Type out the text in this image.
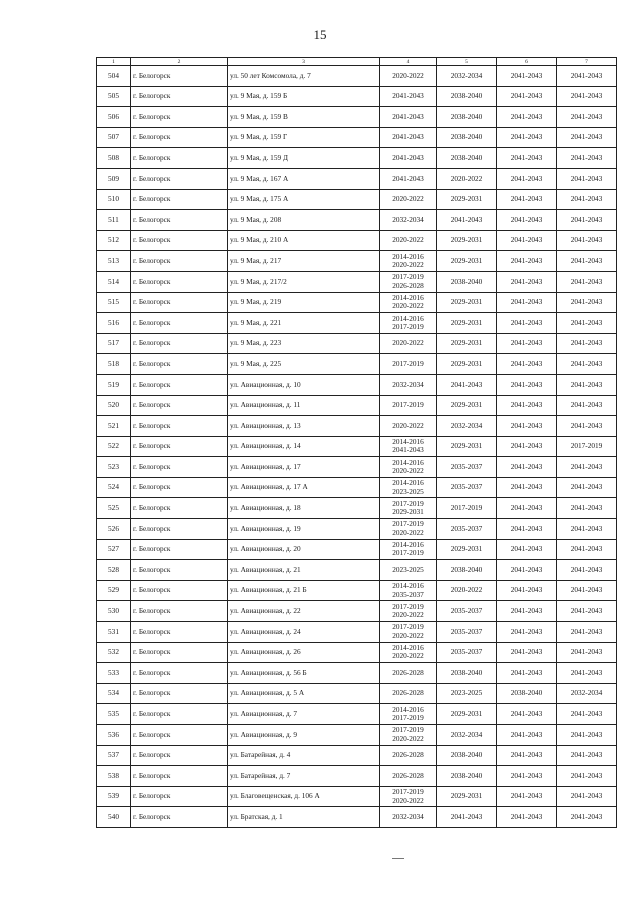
15
1	2	3	4	5	6	7
504	г. Белогорск	ул. 50 лет Комсомола, д. 7	2020-2022	2032-2034	2041-2043	2041-2043
505	г. Белогорск	ул. 9 Мая, д. 159 Б	2041-2043	2038-2040	2041-2043	2041-2043
506	г. Белогорск	ул. 9 Мая, д. 159 В	2041-2043	2038-2040	2041-2043	2041-2043
507	г. Белогорск	ул. 9 Мая, д. 159 Г	2041-2043	2038-2040	2041-2043	2041-2043
508	г. Белогорск	ул. 9 Мая, д. 159 Д	2041-2043	2038-2040	2041-2043	2041-2043
509	г. Белогорск	ул. 9 Мая, д. 167 А	2041-2043	2020-2022	2041-2043	2041-2043
510	г. Белогорск	ул. 9 Мая, д. 175 А	2020-2022	2029-2031	2041-2043	2041-2043
511	г. Белогорск	ул. 9 Мая, д. 208	2032-2034	2041-2043	2041-2043	2041-2043
512	г. Белогорск	ул. 9 Мая, д. 210 А	2020-2022	2029-2031	2041-2043	2041-2043
513	г. Белогорск	ул. 9 Мая, д. 217	2014-2016
2020-2022	2029-2031	2041-2043	2041-2043
514	г. Белогорск	ул. 9 Мая, д. 217/2	2017-2019
2026-2028	2038-2040	2041-2043	2041-2043
515	г. Белогорск	ул. 9 Мая, д. 219	2014-2016
2020-2022	2029-2031	2041-2043	2041-2043
516	г. Белогорск	ул. 9 Мая, д. 221	2014-2016
2017-2019	2029-2031	2041-2043	2041-2043
517	г. Белогорск	ул. 9 Мая, д. 223	2020-2022	2029-2031	2041-2043	2041-2043
518	г. Белогорск	ул. 9 Мая, д. 225	2017-2019	2029-2031	2041-2043	2041-2043
519	г. Белогорск	ул. Авиационная, д. 10	2032-2034	2041-2043	2041-2043	2041-2043
520	г. Белогорск	ул. Авиационная, д. 11	2017-2019	2029-2031	2041-2043	2041-2043
521	г. Белогорск	ул. Авиационная, д. 13	2020-2022	2032-2034	2041-2043	2041-2043
522	г. Белогорск	ул. Авиационная, д. 14	2014-2016
2041-2043	2029-2031	2041-2043	2017-2019
523	г. Белогорск	ул. Авиационная, д. 17	2014-2016
2020-2022	2035-2037	2041-2043	2041-2043
524	г. Белогорск	ул. Авиационная, д. 17 А	2014-2016
2023-2025	2035-2037	2041-2043	2041-2043
525	г. Белогорск	ул. Авиационная, д. 18	2017-2019
2029-2031	2017-2019	2041-2043	2041-2043
526	г. Белогорск	ул. Авиационная, д. 19	2017-2019
2020-2022	2035-2037	2041-2043	2041-2043
527	г. Белогорск	ул. Авиационная, д. 20	2014-2016
2017-2019	2029-2031	2041-2043	2041-2043
528	г. Белогорск	ул. Авиационная, д. 21	2023-2025	2038-2040	2041-2043	2041-2043
529	г. Белогорск	ул. Авиационная, д. 21 Б	2014-2016
2035-2037	2020-2022	2041-2043	2041-2043
530	г. Белогорск	ул. Авиационная, д. 22	2017-2019
2020-2022	2035-2037	2041-2043	2041-2043
531	г. Белогорск	ул. Авиационная, д. 24	2017-2019
2020-2022	2035-2037	2041-2043	2041-2043
532	г. Белогорск	ул. Авиационная, д. 26	2014-2016
2020-2022	2035-2037	2041-2043	2041-2043
533	г. Белогорск	ул. Авиационная, д. 56 Б	2026-2028	2038-2040	2041-2043	2041-2043
534	г. Белогорск	ул. Авиационная, д. 5 А	2026-2028	2023-2025	2038-2040	2032-2034
535	г. Белогорск	ул. Авиационная, д. 7	2014-2016
2017-2019	2029-2031	2041-2043	2041-2043
536	г. Белогорск	ул. Авиационная, д. 9	2017-2019
2020-2022	2032-2034	2041-2043	2041-2043
537	г. Белогорск	ул. Батарейная, д. 4	2026-2028	2038-2040	2041-2043	2041-2043
538	г. Белогорск	ул. Батарейная, д. 7	2026-2028	2038-2040	2041-2043	2041-2043
539	г. Белогорск	ул. Благовещенская, д. 106 А	2017-2019
2020-2022	2029-2031	2041-2043	2041-2043
540	г. Белогорск	ул. Братская, д. 1	2032-2034	2041-2043	2041-2043	2041-2043
